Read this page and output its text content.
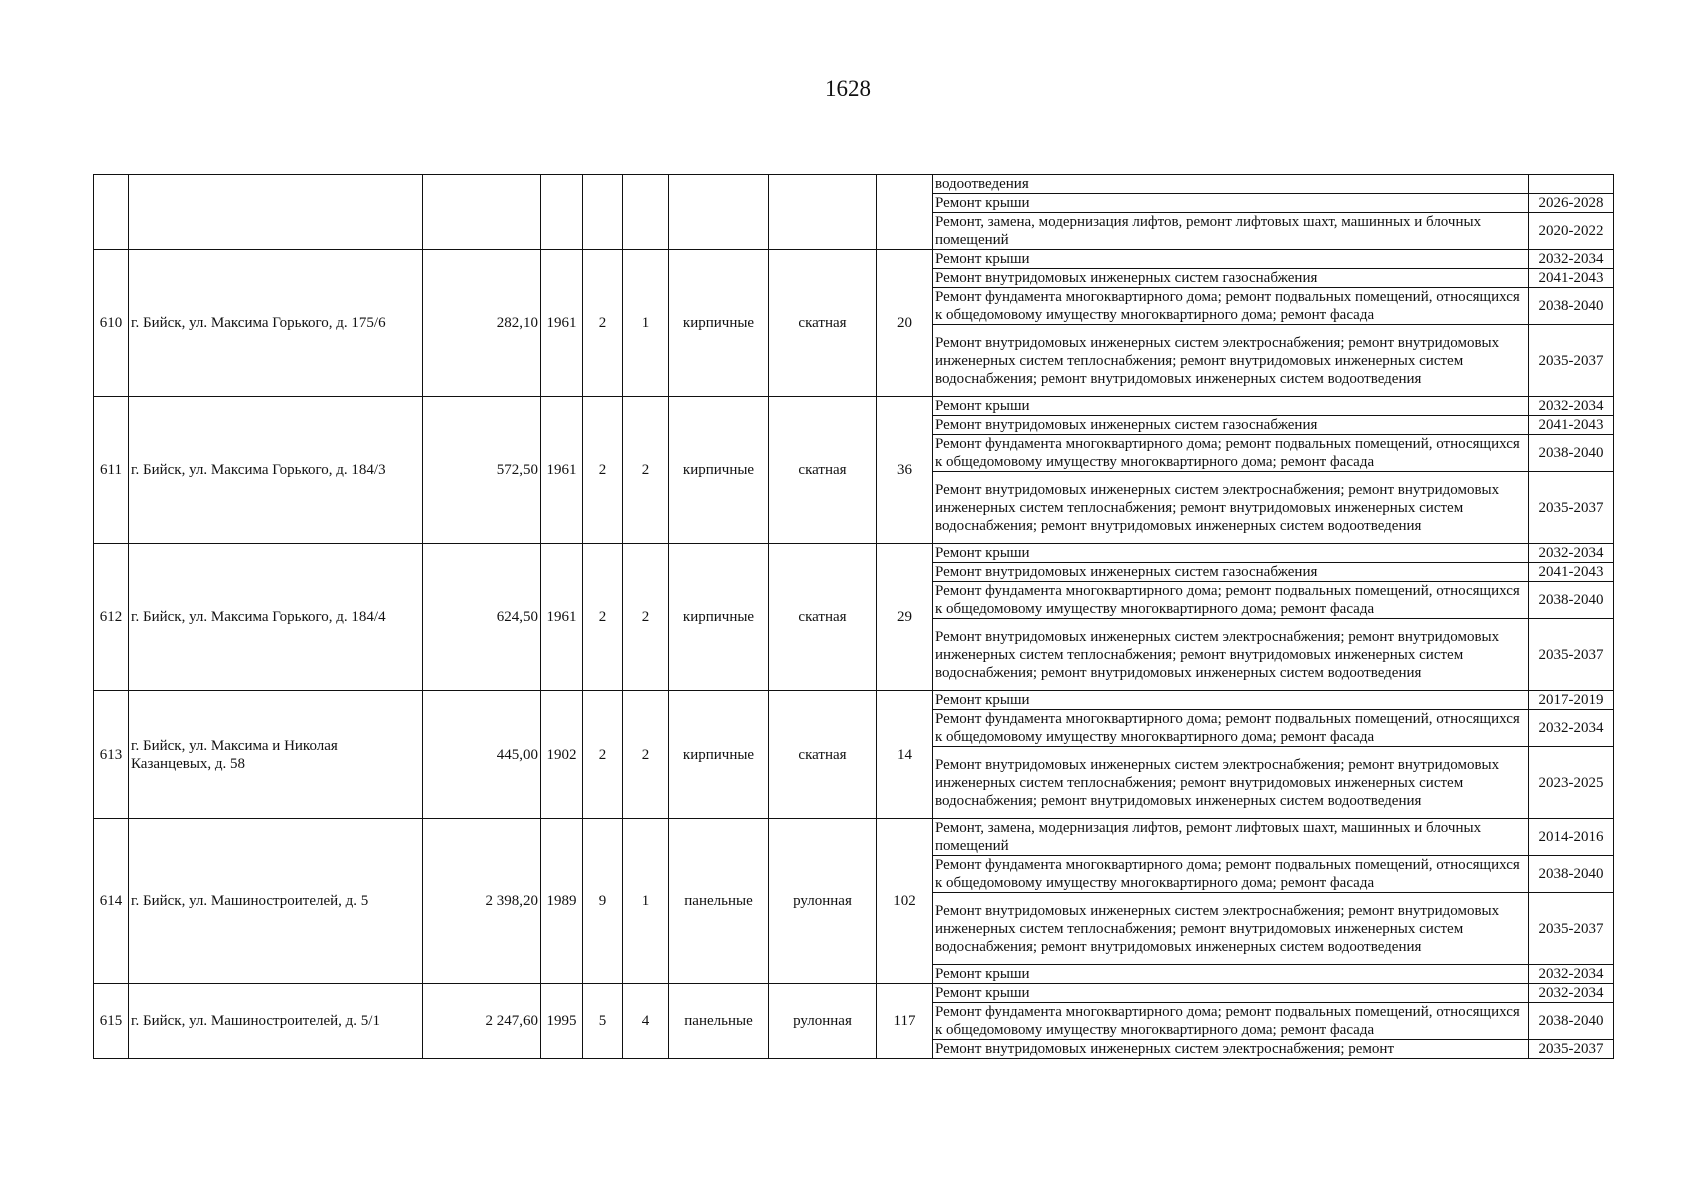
1628
									водоотведения	
									Ремонт крыши	2026-2028
									Ремонт, замена, модернизация лифтов, ремонт лифтовых шахт, машинных и блочных помещений	2020-2022
610	г. Бийск, ул. Максима Горького, д. 175/6	282,10	1961	2	1	кирпичные	скатная	20	Ремонт крыши	2032-2034
									Ремонт внутридомовых инженерных систем газоснабжения	2041-2043
									Ремонт фундамента многоквартирного дома; ремонт подвальных помещений, относящихся к общедомовому имуществу многоквартирного дома; ремонт фасада	2038-2040
									Ремонт внутридомовых инженерных систем электроснабжения; ремонт внутридомовых инженерных систем теплоснабжения; ремонт внутридомовых инженерных систем водоснабжения; ремонт внутридомовых инженерных систем водоотведения	2035-2037
611	г. Бийск, ул. Максима Горького, д. 184/3	572,50	1961	2	2	кирпичные	скатная	36	Ремонт крыши	2032-2034
									Ремонт внутридомовых инженерных систем газоснабжения	2041-2043
									Ремонт фундамента многоквартирного дома; ремонт подвальных помещений, относящихся к общедомовому имуществу многоквартирного дома; ремонт фасада	2038-2040
									Ремонт внутридомовых инженерных систем электроснабжения; ремонт внутридомовых инженерных систем теплоснабжения; ремонт внутридомовых инженерных систем водоснабжения; ремонт внутридомовых инженерных систем водоотведения	2035-2037
612	г. Бийск, ул. Максима Горького, д. 184/4	624,50	1961	2	2	кирпичные	скатная	29	Ремонт крыши	2032-2034
									Ремонт внутридомовых инженерных систем газоснабжения	2041-2043
									Ремонт фундамента многоквартирного дома; ремонт подвальных помещений, относящихся к общедомовому имуществу многоквартирного дома; ремонт фасада	2038-2040
									Ремонт внутридомовых инженерных систем электроснабжения; ремонт внутридомовых инженерных систем теплоснабжения; ремонт внутридомовых инженерных систем водоснабжения; ремонт внутридомовых инженерных систем водоотведения	2035-2037
613	г. Бийск, ул. Максима и Николая Казанцевых, д. 58	445,00	1902	2	2	кирпичные	скатная	14	Ремонт крыши	2017-2019
									Ремонт фундамента многоквартирного дома; ремонт подвальных помещений, относящихся к общедомовому имуществу многоквартирного дома; ремонт фасада	2032-2034
									Ремонт внутридомовых инженерных систем электроснабжения; ремонт внутридомовых инженерных систем теплоснабжения; ремонт внутридомовых инженерных систем водоснабжения; ремонт внутридомовых инженерных систем водоотведения	2023-2025
614	г. Бийск, ул. Машиностроителей, д. 5	2 398,20	1989	9	1	панельные	рулонная	102	Ремонт, замена, модернизация лифтов, ремонт лифтовых шахт, машинных и блочных помещений	2014-2016
									Ремонт фундамента многоквартирного дома; ремонт подвальных помещений, относящихся к общедомовому имуществу многоквартирного дома; ремонт фасада	2038-2040
									Ремонт внутридомовых инженерных систем электроснабжения; ремонт внутридомовых инженерных систем теплоснабжения; ремонт внутридомовых инженерных систем водоснабжения; ремонт внутридомовых инженерных систем водоотведения	2035-2037
									Ремонт крыши	2032-2034
615	г. Бийск, ул. Машиностроителей, д. 5/1	2 247,60	1995	5	4	панельные	рулонная	117	Ремонт крыши	2032-2034
									Ремонт фундамента многоквартирного дома; ремонт подвальных помещений, относящихся к общедомовому имуществу многоквартирного дома; ремонт фасада	2038-2040
									Ремонт внутридомовых инженерных систем электроснабжения; ремонт	2035-2037
